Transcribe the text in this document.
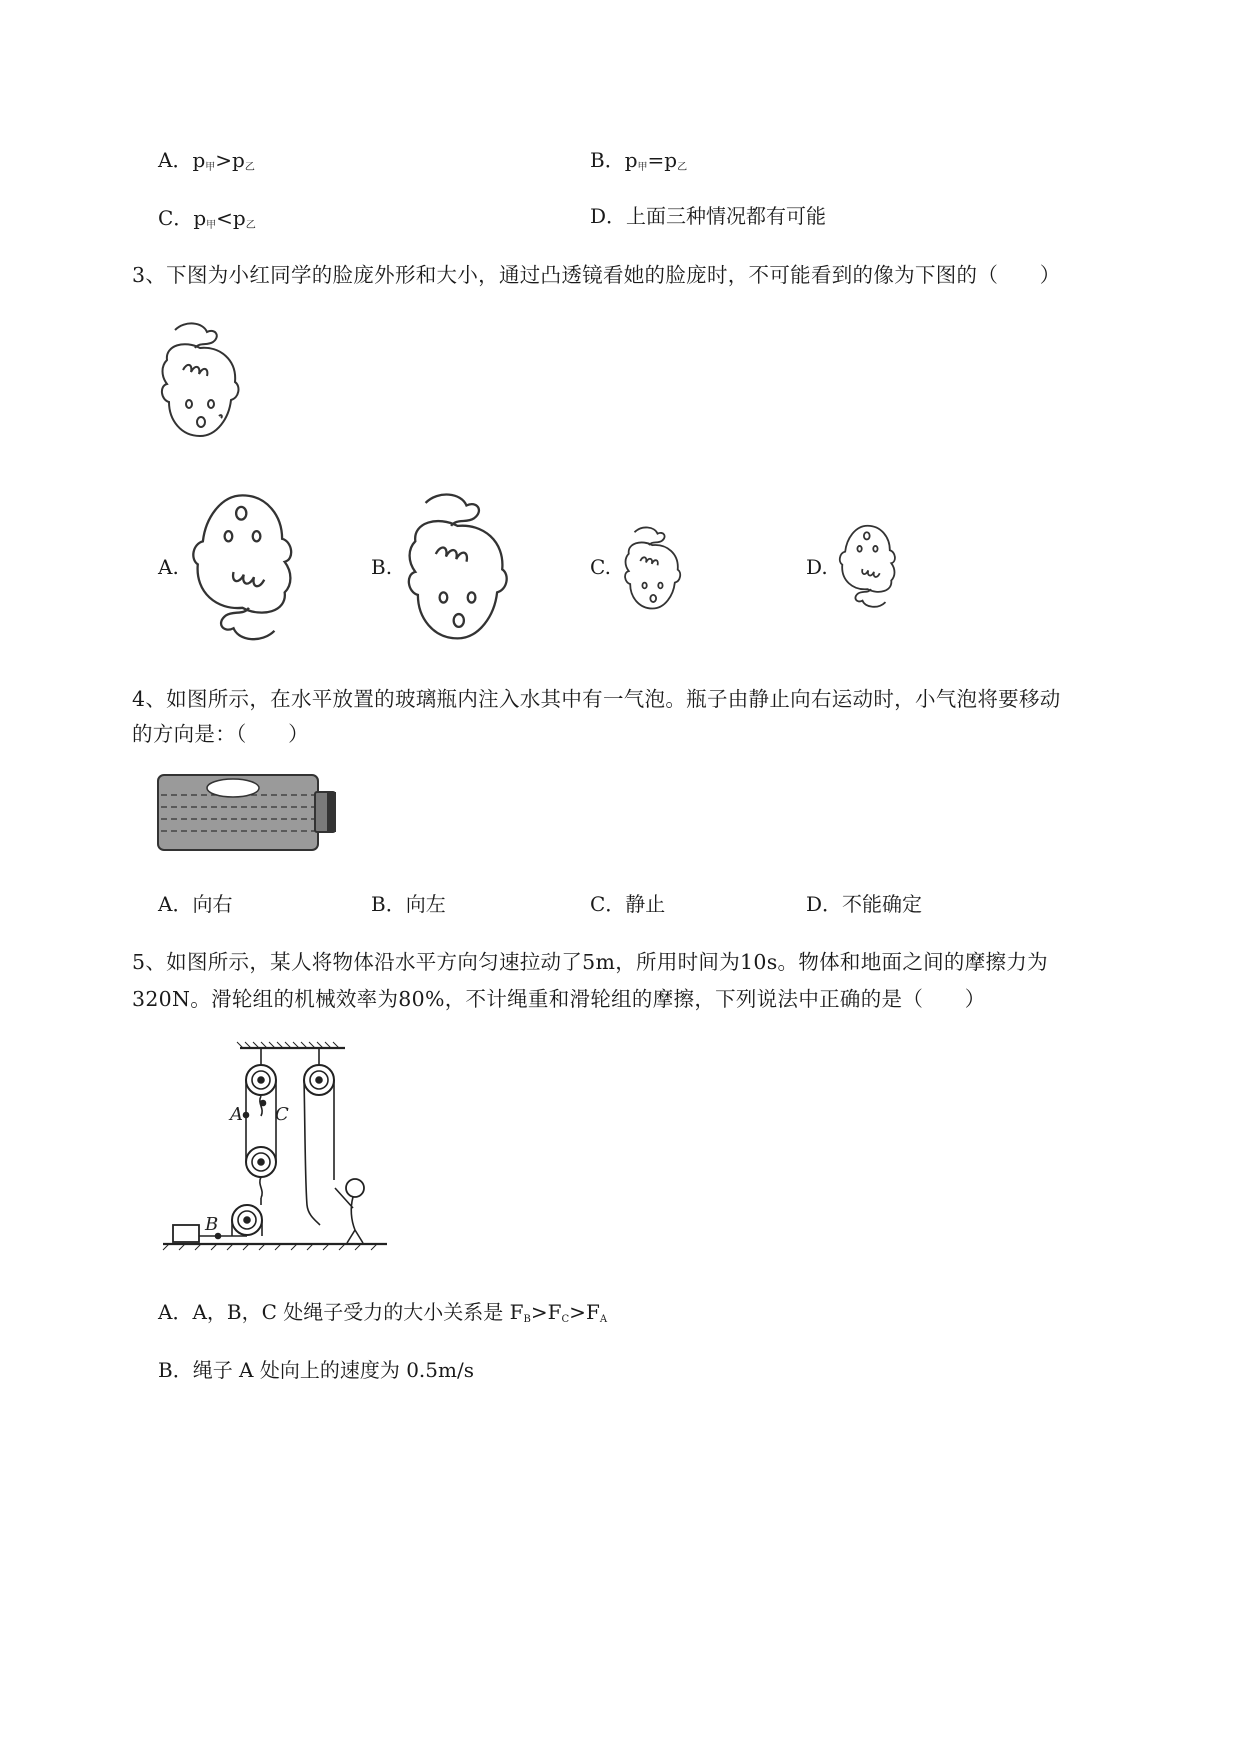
A．$p_甲>p_乙$	B．$p_甲=p_乙$
C．$p_甲<p_乙$	D．上面三种情况都有可能
3、下图为小红同学的脸庞外形和大小，通过凸透镜看她的脸庞时，不可能看到的像为下图的（　　）
A.	B.	C.	D.
4、如图所示，在水平放置的玻璃瓶内注入水其中有一气泡。瓶子由静止向右运动时，小气泡将要移动
的方向是：（　　）
A．向右	B．向左	C．静止	D．不能确定
5、如图所示，某人将物体沿水平方向匀速拉动了5m，所用时间为10s。物体和地面之间的摩擦力为
320N。滑轮组的机械效率为80%，不计绳重和滑轮组的摩擦，下列说法中正确的是（　　）
A C
B
A．A，B，C 处绳子受力的大小关系是 $F_B>F_C>F_A$
B．绳子 A 处向上的速度为 0.5m/s
